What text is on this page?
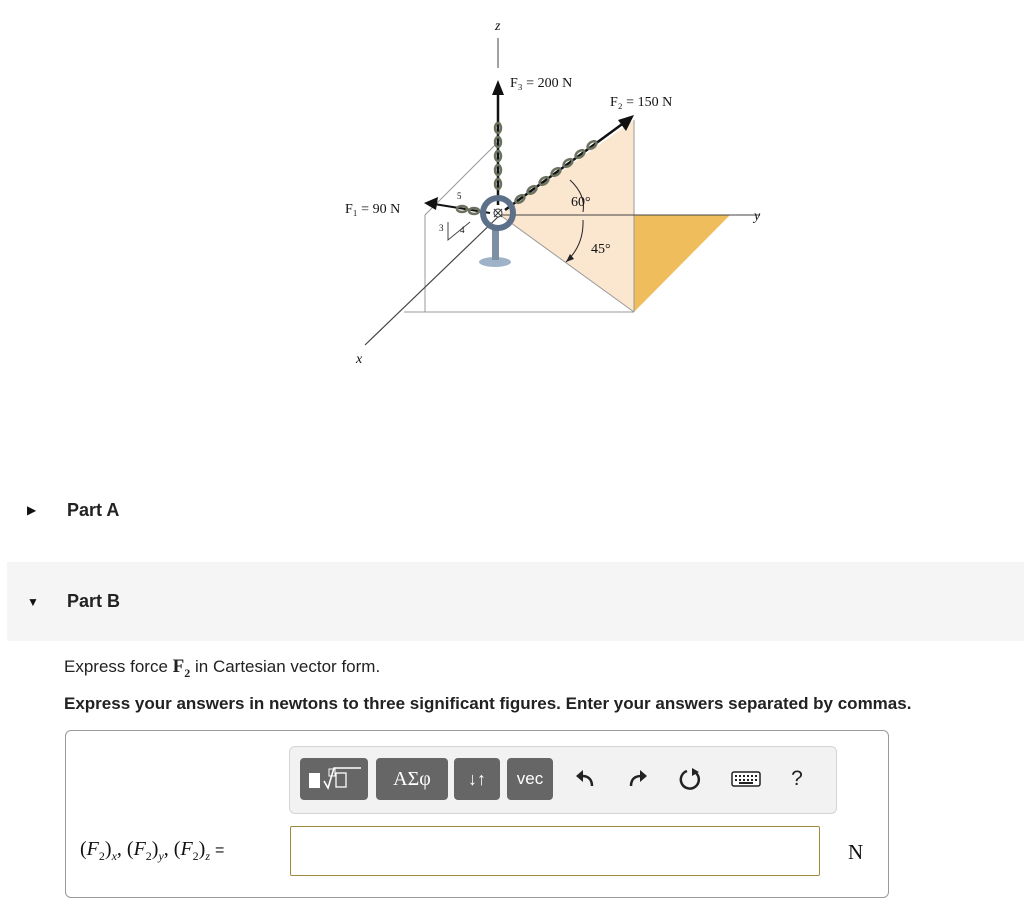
z
y
x
F₃ = 200 N
F₂ = 150 N
F₁ = 90 N	60°
45°
5
3 4
▶ Part A
▼ Part B
Express force $F_2$ in Cartesian vector form.
Express your answers in newtons to three significant figures. Enter your answers separated by commas.
ΑΣφ	↓↑	vec	?
$(F_2)_x$, $(F_2)_y$, $(F_2)_z$ =	N
